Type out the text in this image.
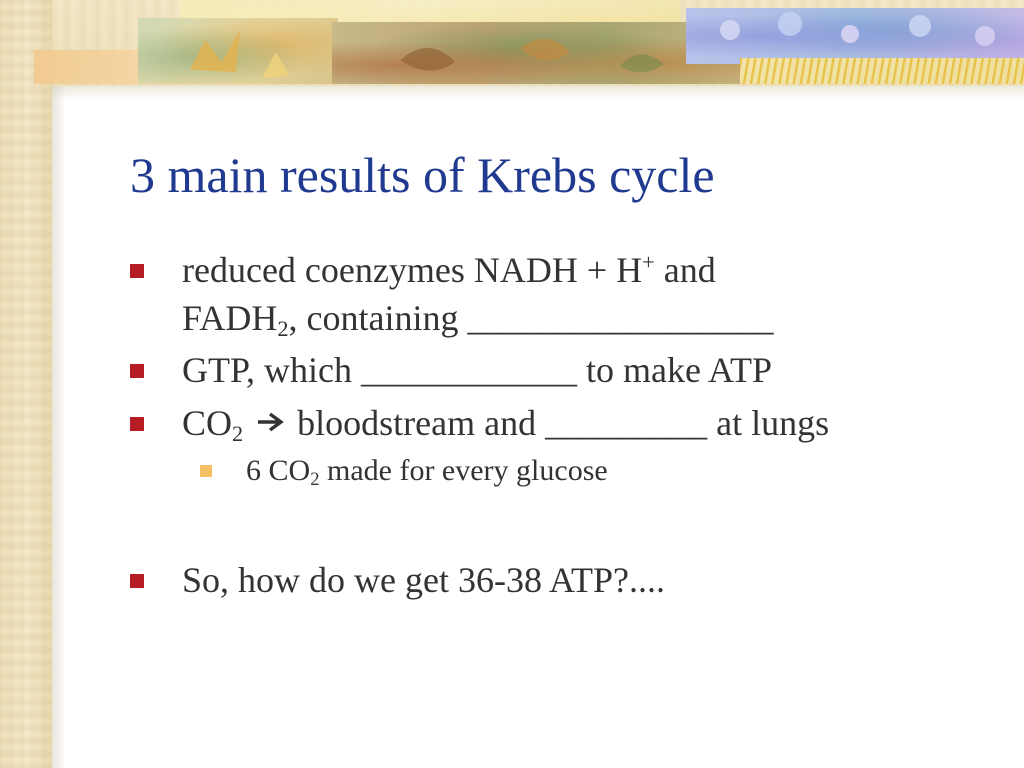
3 main results of Krebs cycle
reduced coenzymes NADH + H+ and
$FADH_2$, containing _________________
GTP, which ____________ to make ATP
$CO_2$  bloodstream and _________ at lungs
6 $CO_2$ made for every glucose
So, how do we get 36-38 ATP?....
